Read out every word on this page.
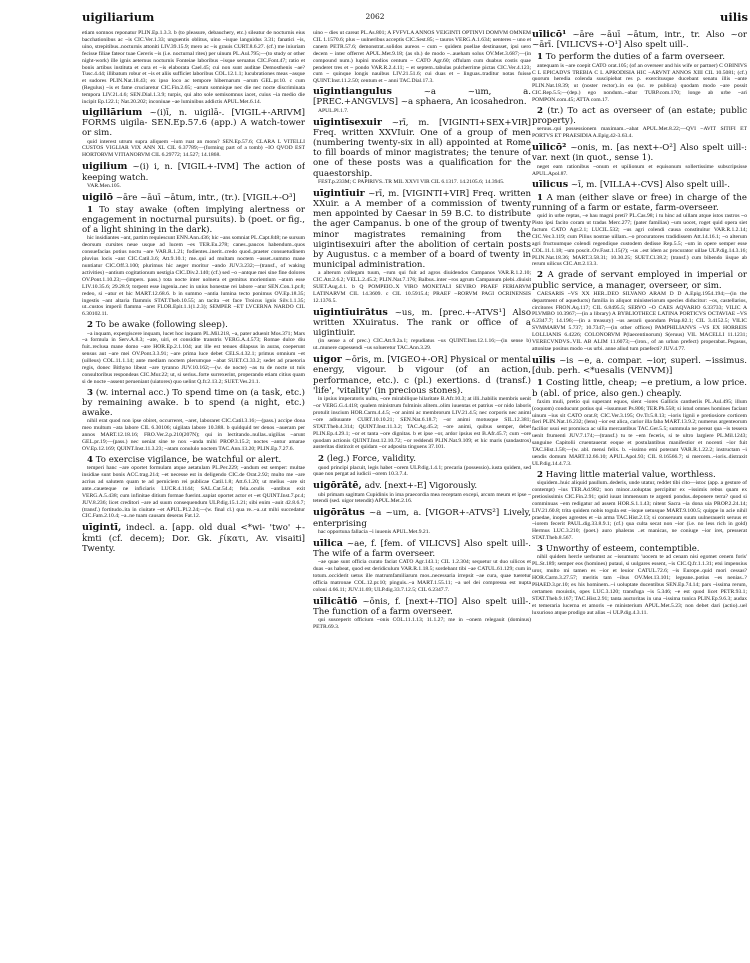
uigiliarium	2062	uilis

etiam somnos reponatur PLIN.Ep.1.3.3. b (to pleasure, debauchery, etc.) sileatur de nocturnis eius bacchationibus ac ~is CIC.Ver.1.33; unguentis oblitus, uino ~isque languidus 3.31; fanatici ~is, uino, strepitibus..nocturnis attoniti LIV.39.15.9; mero ac ~is grauis CURT.8.6.27. (cf.) me iniuriam fecisse filiae fateor tuae Cereris ~is (i.e. nocturnal rites) per uinum PL.Aul.795;—(to study or other night-work) ille ignis aeternus nocturnis Fonteiae laboribus ~isque seruatus CIC.Font.47; ratio et bonis artibus instituta et cura et ~is elaborata Cael.45; cui non sunt auditae Demosthenis ~ae? Tusc.4.44; illibatum robur et ~is et aliis sufficiet laboribus COL.12.1.1; lucubrationes meas ~asque et sudores PLIN.Nat.18.43; ex ipso loco ac tempore hibernarum ~arum GEL.pr.10. c cum (Regulus) ~is et fame cruciaretur CIC.Fin.2.65; ~arum somnique nec die nec nocte discriminata tempora LIV.21.4.6; SEN.Dial.1.3.9; turpis, qui alto sole semisomnus iacet, cuius ~ia medio die incipit Ep.122.1; Nat.20.202; inconiuae ~ae luminibus addictis APUL.Met.6.14.

uigiliārium ~(i)ī, n. uigilā-. [VIGIL+-ARIVM] FORMS uigila- SEN.Ep.57.6 (app.) A watch-tower or sim.

quid interest utrum supra aliquem ~ium ruat an mons? SEN.Ep.57.6; CLARA L VITELLI CUSTOS VIGLIAR VIX ANN XL CIL 6.37789;—(forming part of a tomb) ~IO QVOD EST HORTORVM VITIANORVM CIL 6.29772; 14.527; 14.1868.

uigilium ~(i) i, n. [VIGIL+-IVM] The action of keeping watch.

VAR.Men.105.

uigilō ~āre ~āuī ~ātum, intr., (tr.). [VIGIL+-O³]

1 To stay awake (often implying alertness or engagement in nocturnal pursuits). b (poet. or fig., of a light shining in the dark).

hic insidiantes ~ant, partim requiescunt ENN.Ann.436; hic ~ans somniat PL.Capt.848; ne sursum deorsum cursites neue usque ad lucem ~es TER.Eu.278; canes..paucos habendum..quos consuefacias potius noctu ~are VAR.R.1.21; fodientes..inerit..credo quod..praeter consuetudinem pluvius locis ~ant CIC.Catil.3.6; Att.9.10.1; me..qui ad multam noctem ~asset..summo mane nuntiatur CIC.Off.3.100; plurimus hic aeger moritur ~ando JUV.3.232;—(transf., of waking activities) ~antium cogitationum uestigia CIC.Div.2.140; (cf.) sed ~o ~antque mei sine fine dolores OV.Pont.1.10.23;—(impers. pass.) tota nocte inter uolnera et gemitus morientium ~atum esse LIV.10.35.6; 29.28.9; torpent esse ingenia..nec in unius honestae rei labore ~atur SEN.Con.1.pr.8; redeo, si ~atur et hic MART.12.68.6. b in summo ~antia lumina tecto ponimus OV.Ep.18.35; ingestis ~ant altaria flammis STAT.Theb.10.55; an tacita ~et face Troicus ignis Silv.1.1.35; ut..custos imperii flamma ~aret FLOR.Epit.1.1(1.2.3); SEMPER ~ET LVCERNA NARDO CIL 6.30102.11.

2 To be awake (following sleep).

~a inquam, expergiscere inquam, lucet hoc inquam PL.Mil.218, ~a, pater aduenit Mos.371; Mars ~a formula in Serv.A.8.3; ~ate, uiri, et considite transtris VERG.A.4.573; Romae dulce diu fuit..reclusa mane domo ~are HOR.Ep.2.1.104; aut ille est tenues dilapsus in auras, coeperunt sensus aut ~are mei OV.Pont.3.3.91; ~are prima luce debet CELS.4.32.1; primus omnium ~et (uilleus) COL.11.1.14; ante mediam noctem plerumque ~abat SUET.Cl.33.2; sedet ad praetoria regis, donec Bithyno libeat ~are tyranno JUV.10.162;—(w. de nocte) ~as tu de nocte ut tuis consultoribus respondeas CIC.Mur.22; ut, si serius..forte surrexerint, properando etiam citius quam si de nocte ~assent perueniant (uiatores) quo uelint Q.fr.2.13.2; SUET.Ves.21.1.

3 (w. internal acc.) To spend time on (a task, etc.) by remaining awake. b to spend (a night, etc.) awake.

nihil erat quod non ipse obiret, occurreret, ~aret, laboraret CIC.Catil.3.16;—(pass.) accipe dona meo multum ~ata labore CIL 6.30106; uigilata labore 10.388. b quidquid ter denos ~aueram per annos MART.12.18.16; FRO.Ver.2.p.210(207N); qui in lectitando..nullas..uigilias ~arunt GEL.pr.19;—(pass.) nec ueniat sine te nox ~anda mihi PROP.3.15.2; noctes ~antur amarae OV.Ep.12.169; QUINT.Inst.11.3.23; ~atam conululo noctem TAC.Ann.13.20; PLIN.Ep.7.27.6.

4 To exercise vigilance, be watchful or alert.

temperi hanc ~are oportet formulam atque aetatulam PL.Per.229; ~andum est semper: multae insidiae sunt bonis ACC.trag.214; ~et necesse est in deligendo CIC.de Orat.2.92; multo me ~are acrius ad salutem quam te ad perniciem rei publicae Catil.1.8; Att.6.1.20; ut melius ~are sit ante..caueteque ne inficiaris LUCR.4.1144; SAL.Cat.54.4; fela..oculis ~antibus exit VERG.A.5.438; cum infinitae ditium formae fuerint..sapiat oportet actor et ~et QUINT.Inst.7.pr.4; JUV.8.236; licet creditori ~are ad suum consequendum ULP.dig.15.1.21; sibi enim ~auit 42.8.6.7; (transf.) fortitudo..ita in ciuitate ~et APUL.Pl.2.24;—(w. final cl.) qua re..~a..ut mihi succedatur CIC.Fam.2.10.4; ~a..ne tuam causam deseras Fat.12.

uīgintī, indecl. a. [app. old dual <*wi- 'two' +-ḱmti (cf. decem); Dor. Gk. ϝίκατι, Av. visaiti] Twenty.

uino ~ dies ut careat PL.As.801; A FVFVLA ANNOS VEIGINTI OPTINVI DOMVM OMNEM CIL 1.1570.6; plus ~ uulneribus acceptis CIC.Sest.85; ~ tauros VERG.A.1.634; uenteres ~ uno et canem PETR.57.6; demonstrat..solidos aureos ~ cum ~ quidem puellae destinasset, ipsi uero decem ~ inter offerret APUL.Met.9.18; (as sb.) de modo ~..aueham solus OV.Met.3.687;—(in compound num.) lupini modios centum ~ CATO Agr.60; offulam cum duabus costis quae penderet tres et ~ pondo VAR.R.2.4.11; ~ et septem..tabulas pulcherrime pictas CIC.Ver.4.123; cum ~ quinque longis nauibus LIV.21.51.6; cui duas et ~ linguas..traditur notas fuisse QUINT.Inst.11.2.50; centum et ~ anni TAC.Dial.17.3.

uīgintiangulus	~a ~um, a. [PREC.+ANGVLVS] ~a sphaera, An icosahedron.

APUL.Pl.1.7.

uīgintīsexuir ~rī, m. [VIGINTI+SEX+VIR] Freq. written XXVIuir. One of a group of men (numbering twenty-six in all) appointed at Rome to fill boards of minor magistrates; the tenure of one of these posts was a qualification for the quaestorship.

FEST.p.233M; C PAPIRIVS..TR MIL XXVI VIR CIL 6.1317. 14.2105.6; 14.3945.

uīgintīuir ~rī, m. [VIGINTI+VIR] Freq. written XXuir. a A member of a commission of twenty men appointed by Caesar in 59 B.C. to distribute the ager Campanus. b one of the group of twenty minor magistrates remaining from the uigintisexuiri after the abolition of certain posts by Augustus. c a member of a board of twenty in municipal administration.

a alterum collegam tuum, ~rum qui fuit ad agros diuidendos Campanos VAR.R.1.2.10; CIC.Att.2.6.2; VELL.2.45.2; PLIN.Nat.7.176; Balbus..inter ~ros agrum Campanum plebi..diuisit SUET.Aug.4.1. b Q POMPEIO..X VIRO MONETALI SEVIRO PRAEF FERIARVM LATINARVM CIL 14.3609. c CIL 10.5915.4; PRAEF ~RORVM PAGI OCRINENSIS 12.1376.5.

uīgintīuirātus ~us, m. [prec.+-ATVS¹] Also written XXuiratus. The rank or office of a uigintiuir.

(in sense a of prec.) CIC.Att.9.2a.1; repudiatus ~us QUINT.Inst.12.1.16;—(in sense b) ut..munere capessendi ~us solueretur TAC.Ann.3.29.

uigor ~ōris, m. [VIGEO+-OR] Physical or mental energy, vigour. b vigour (of an action, performance, etc.). c (pl.) exertions. d (transf.) 'life', 'vitality' (in precious stones).

in ipsius imperatoris uultu, ~ore mirabilique hilaritate B.Afr.10.3; at illi..habilis membris uenit ~or VERG.G.4.418; qualem ministrum fulminis alitem..olim iuuentas et patrius ~or nido laboris protulit inscium HOR.Carm.4.4.5; ~or animi ac membrorum LIV.21.4.5; nec corporis nec animi ~ore adiuuante CURT.10.10.21; SEN.Nat.6.18.7; ~or animi motusque SIL.12.381; STAT.Theb.4.314; QUINT.Inst.11.3.2; TAC.Ag.45.2; ~ore animi, quibus semper, debet PLIN.Ep.4.29.1; ~or et tanta ~ore dignitas. b et ipse ~or, ardor ipsius est B.Afr.45.7; cum ~ore quodam actionis QUINT.Inst.12.10.72; ~or reddendi PLIN.Nat.9.109; et hic maris (sandastros) austeritas distinxit et quidam ~or adposita tinguens 37.101.

2 (leg.) Force, validity.

quod principi placuit, legis habet ~orem ULP.dig.1.4.1; precaria (possessio)..iusta quidem, sed quae non pergat ad iudicii ~orem 10.3.7.4.

uigōrātē, adv. [next+-E] Vigorously.

ubi primam sagittam Cupidinis in ima praecordia mea receptam excepi, arcum meum et ipse ~ tetendi (sed. uigor tetendit) APUL.Met.2.16.

uigōrātus ~a ~um, a. [VIGOR+-ATVS²] Lively, enterprising

hac opportuna fallacia ~i iuuenis APUL.Met.9.21.

uīlica ~ae, f. [fem. of VILICVS] Also spelt uill-. The wife of a farm overseer.

~ae quae sunt officia curato faciat CATO Agr.143.1; CIL 1.2.304; sequetur ut duo uilicos et duas ~as habeat, quod est deridiculum VAR.R.1.18.5; sordebant tibi ~ae CATUL.61.129; cum in totum..occiderit uetus ille matrumfamiliarum mos..necessaria irrepsit ~ae cura, quae tueretur officia matronae COL.12.pr.10; pinguis..~a MART.1.55.11; ~a uel dei compressa est nupta coloni 4.66.11; JUV.11.69; ULP.dig.33.7.12.5; CIL 6.2347.7.

uīlicātiō ~ōnis, f. [next+-TIO] Also spelt uill-. The function of a farm overseer.

qui susceperit officium ~onis COL.11.1.13; 11.1.27; me in ~onem relegauit (dominus) PETR.69.3.

uīlicō¹ ~āre ~āuī ~ātum, intr., tr. Also ~or ~ārī. [VILICVS+-O¹] Also spelt uill-.

1 To perform the duties of a farm overseer.

antequam is ~are coepit CATO orat.105; (of an overseer and his wife or partner) C OBINIVS C L EPICADVS TREBIA C L APRODISIA HIC ~ARVNT ANNOS XIII CIL 10.5081; (cf.) quorum heredia colenda suscipiebat res p. exercitusque ducebant senatu illis ~ante PLIN.Nat.18.39; ut (noster rector)..in ea (sc. re publica) quodam modo ~are possit CIC.Rep.5.5;—(dep.) ego nondum..~abar TURP.com.170; longe ab urbe ~ari POMPON.com.45; ATTA com.17.

2 (tr.) To act as overseer of (an estate; public property).

seruus..qui possessionem maximam..~abat APUL.Met.8.22;—QVI ~AVIT SITIFI ET PORTVS ET PRAESIDIA A.Epig.42-3.63.4.

uīlicō² ~onis, m. [as next+-O²] Also spelt uill-: var. next (in quot., sense 1).

neget eam rationibus ~onum et upilionum et equisonum sollertissime subscripsisse APUL.Apol.87.

uīlicus ~ī, m. [VILLA+-CVS] Also spelt uill-.

1 A man (either slave or free) in charge of the running of a farm or estate, farm-overseer.

quid in urbe reptas, ~e hau magni preti? PL.Cas.98; i tu hinc ad uillam atque istos rastros ~o Pisto ipsi facito coram ut tradas Merc.277; (pater familias) ~um uocet, roget quid opera siet factum CATO Agr.2.1; LUCIL.532; ~us agri colendi causa constituitur VAR.R.1.2.14; CIC.Ver.3.119; cum Pilius nostrae uillam..~o procuratores tradidissem Att.14.16.1; ~o alterum agri fructuumque colendi regendique custodem dedisse Rep.5.5; ~um in opere semper esse COL.11.1.18; ~um poscit..Ov.Fast.1.15(?); ~us ..est idem ac procurator uillae ULP.dig.14.3.16; PLIN.Nat.18.36; MART.3.58.31; 10.30.25; SUET.Cl.38.2; (transf.) cum bibendo iisque ab rerum uilicus CIC.Att.2.13.3.

2 A grade of servant employed in imperial or public service, a manager, overseer, or sim.

CAESARIS ~VS XX HER..DEO SILVANO ARAM D D A.Epig.1954.194;—(in the department of aqueducts) familia in aliquot ministeriorum species diducitur: ~os, castellarios, circitores FRON.Aq.117; CIL 6.8495.5; SERVO ~O CAES AQVARIO 6.33733; VILIC A PLVMBO 10.3967;—(in a library) A BYBLIOTHECE LATINA PORTICVS OCTAVIAE ~VS 6.2347.7; 14.196;—(in a treasury) ~us aerarii quondam Priap.82.1; CIL 3.4152.5; VILIC SVMMARVM 5.737; 10.7347;—(in other offices) PAMPHILIANVS ~VS EX HORREIS LOLLIANIS 6.4226; COLONORVM P(laecentinorum) S(eruus) VIL MACELLI 11.1231; VERECVNDVS..VIL AB ALIM 11.6073;—(iron., of an urban prefect) properabat..Pegasus, attonitae positus modo ~us urbi. anne aliud tum praefecti? JUV.4.77.

uīlis ~is ~e, a. compar. ~ior, superl. ~issimus. [dub. perh. <*uesalis (VENVM)]

1 Costing little, cheap; ~e pretium, a low price. b (abl. of price, also gen.) cheaply.

faxim muli, pretio qui superant equos, sient ~iores Gallicis cantheriis PL.Aul.495; illum (coquom) conducunt potius qui ~issumust Ps.806; TER.Ph.558; si istud omnes homines faciant uinum ~ius sit CATO orat.8; CIC.Ver.3.195; Ov.Tr.5.8.13; ~ioris lignii e pretiosiore corticem fieri PLIN.Nat.16.232; (lens) ~ior est alica, carior illa faba MART.13.9.2; numerus argenteorum facilior usui est promisca ac uilia mercantibus TAC.Ger.5.5; summula ne pereat qua ~is tessera uenit frumenti JUV.7.174;—(transf.) tu te ~em feceris, si te ultro largiere PL.Mil.1243; sanguine Capitolii cruentauerat eoque et postulantibus manifestior et nocenti ~ior fuit TAC.Hist.1.58;—(w. abl. mensi felix. b. ~issimo emi poterant VAR.R.1.22.2; instructam ~i uendis domum MART.12.66.10; APUL.Apol.93; CIL 8.16566.7; si mercem..~ioris..distraxit ULP.dig.14.4.7.3.

2 Having little material value, worthless.

siquidem..huic aliquid paullum..dederis, unde utatur, reddet tibi cito—istoc (app. a gesture of contempt) ~ius TER.Ad.982; non minor..uoluptas percipitur ex ~issimis rebus quam ex pretiosissimis CIC.Fin.2.91; quid iuuat immensum te argenti pondus..deponere terra? quod si comminuas ~em redigatur ad assem HOR.S.1.1.43; nitent Sacra ~ia dona uia PROP.2.24.14; LIV.21.60.8; trita quidem nobis togula est ~isque uetusque MART.9.100.5; quippe in acie nihil praedae, inopes agrestes et ~ia arma TAC.Hist.2.13; si conseruum suum uulnerauerit seruus et ~iorem fecerit PAUL.dig.33.8.9.1; (cf.) qua culta secat non ~ior (i.e. no less rich in gold) Hermus LUC.3.210; (poet.) auro phaleras ..et manicas, ne coniuge ~ior iret, presserat STAT.Theb.8.567.

3 Unworthy of esteem, contemptible.

nihil quidem hercle uerbumst ac ~issumum: 'uocem te ad cenam nisi egomet cenem foris' PL.St.189; semper eos (homines) putaui, si uulgares essent, ~is CIC.Q.fr.1.1.31; etsi impensius uror, multo mi tamen es ~ior et leuior CATUL.72.6; ~is Europe..quid mori cessas? HOR.Carm.3.27.57; meritis tam ~ibus OV.Met.13.101; legeane..potius ~es nenias..? PHAED.3.pr.10; ex his hominem..~i uoluptate ducentibus SEN.Ep.74.14; pars ~issima rerum, certamen mouistis, opes LUC.3.120; transfuga ~is 5.346; ~e est quod licet PETR.93.1; STAT.Theb.9.167; TAC.Hist.2.91; tanta auctoritas in una ~issima tunica PLIN.Ep.9.6.3; audax et temeraria lucerna et amoris ~e ministerium APUL.Met.5.23; non debet dari (actio)..uel luxurioso atque prodigo aut alias ~i ULP.dig.4.3.11.
